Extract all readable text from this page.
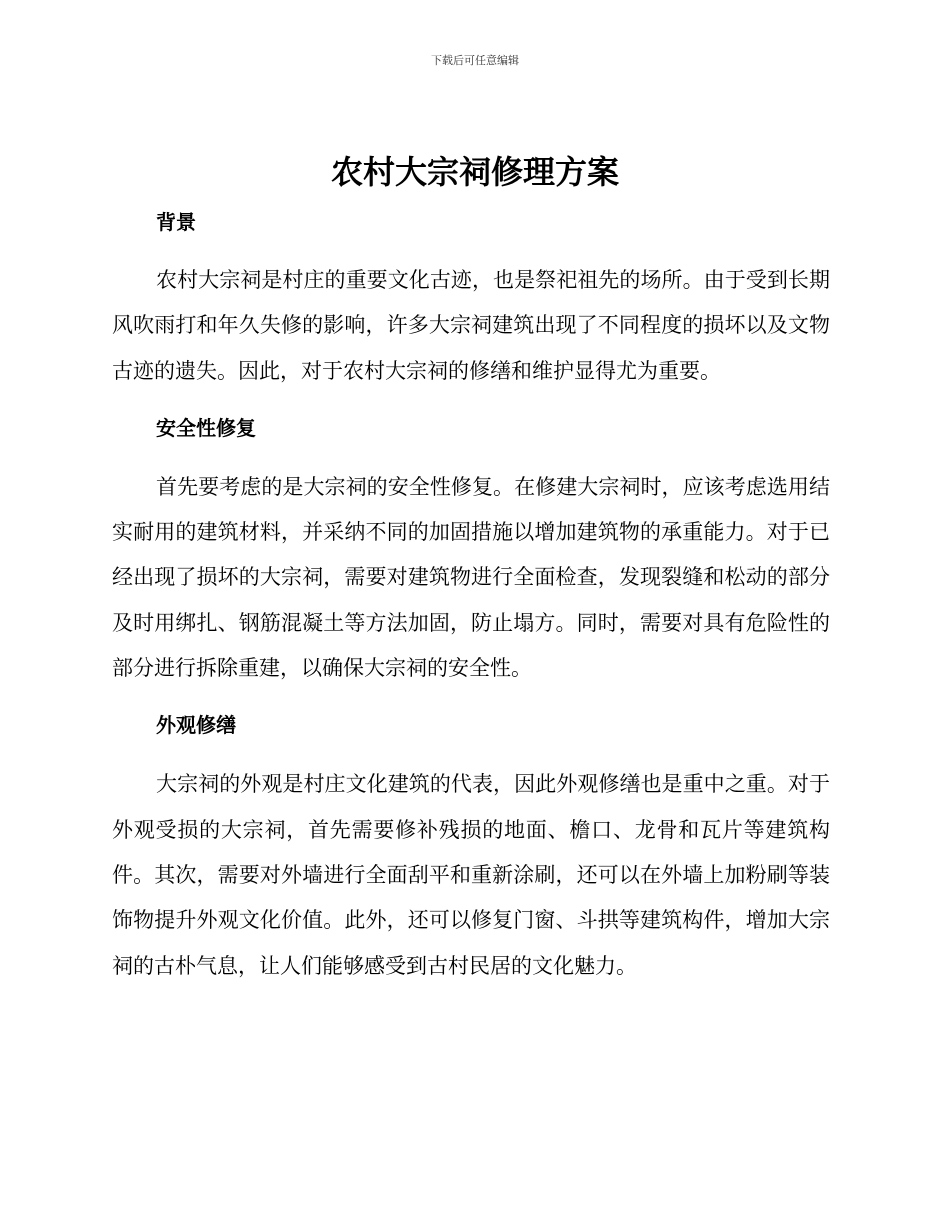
下载后可任意编辑
农村大宗祠修理方案
背景

农村大宗祠是村庄的重要文化古迹，也是祭祀祖先的场所。由于受到长期风吹雨打和年久失修的影响，许多大宗祠建筑出现了不同程度的损坏以及文物古迹的遗失。因此，对于农村大宗祠的修缮和维护显得尤为重要。

安全性修复

首先要考虑的是大宗祠的安全性修复。在修建大宗祠时，应该考虑选用结实耐用的建筑材料，并采纳不同的加固措施以增加建筑物的承重能力。对于已经出现了损坏的大宗祠，需要对建筑物进行全面检查，发现裂缝和松动的部分及时用绑扎、钢筋混凝土等方法加固，防止塌方。同时，需要对具有危险性的部分进行拆除重建，以确保大宗祠的安全性。

外观修缮

大宗祠的外观是村庄文化建筑的代表，因此外观修缮也是重中之重。对于外观受损的大宗祠，首先需要修补残损的地面、檐口、龙骨和瓦片等建筑构件。其次，需要对外墙进行全面刮平和重新涂刷，还可以在外墙上加粉刷等装饰物提升外观文化价值。此外，还可以修复门窗、斗拱等建筑构件，增加大宗祠的古朴气息，让人们能够感受到古村民居的文化魅力。
